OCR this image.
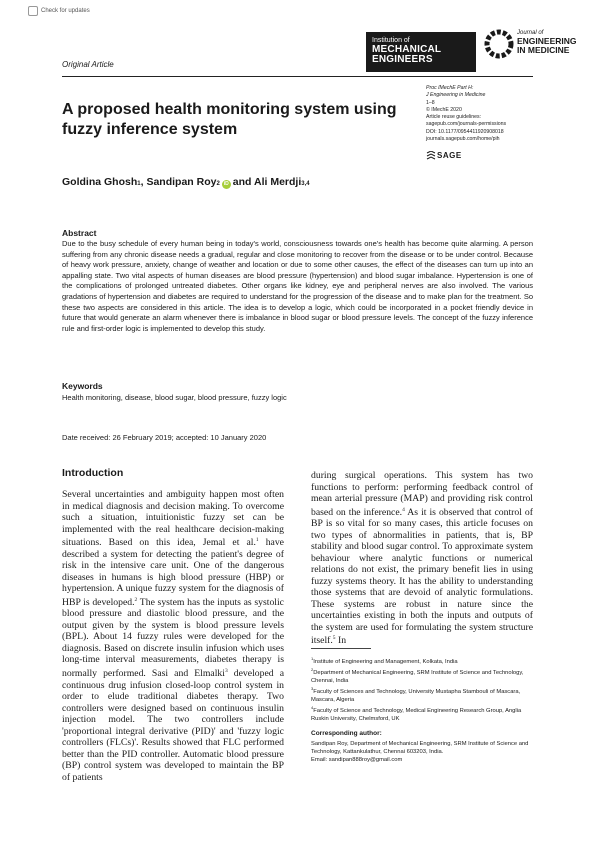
Check for updates
Institution of
MECHANICAL
ENGINEERS
Journal of
ENGINEERING
IN MEDICINE
Original Article
A proposed health monitoring system using fuzzy inference system
Proc IMechE Part H:
J Engineering in Medicine
1–8
© IMechE 2020
Article reuse guidelines:
sagepub.com/journals-permissions
DOI: 10.1177/0954411920908018
journals.sagepub.com/home/pih
SAGE
Goldina Ghosh 1 , Sandipan Roy 2 iD and Ali Merdji 3,4
Abstract
Due to the busy schedule of every human being in today's world, consciousness towards one's health has become quite alarming. A person suffering from any chronic disease needs a gradual, regular and close monitoring to recover from the disease or to be under control. Because of heavy work pressure, anxiety, change of weather and location or due to some other causes, the effect of the diseases can turn up into an appalling state. Two vital aspects of human diseases are blood pressure (hypertension) and blood sugar imbalance. Hypertension is one of the complications of prolonged untreated diabetes. Other organs like kidney, eye and peripheral nerves are also involved. The various gradations of hypertension and diabetes are required to understand for the progression of the disease and to make plan for the treatment. So these two aspects are considered in this article. The idea is to develop a logic, which could be incorporated in a pocket friendly device in future that would generate an alarm whenever there is imbalance in blood sugar or blood pressure levels. The concept of the fuzzy inference rule and first-order logic is implemented to develop this study.
Keywords
Health monitoring, disease, blood sugar, blood pressure, fuzzy logic
Date received: 26 February 2019; accepted: 10 January 2020
Introduction
Several uncertainties and ambiguity happen most often in medical diagnosis and decision making. To overcome such a situation, intuitionistic fuzzy set can be implemented with the real healthcare decision-making situations. Based on this idea, Jemal et al.$^1$ have described a system for detecting the patient's degree of risk in the intensive care unit. One of the dangerous diseases in humans is high blood pressure (HBP) or hypertension. A unique fuzzy system for the diagnosis of HBP is developed.$^2$ The system has the inputs as systolic blood pressure and diastolic blood pressure, and the output given by the system is blood pressure levels (BPL). About 14 fuzzy rules were developed for the diagnosis. Based on discrete insulin infusion which uses long-time interval measurements, diabetes therapy is normally performed. Sasi and Elmalki$^3$ developed a continuous drug infusion closed-loop control system in order to elude traditional diabetes therapy. Two controllers were designed based on continuous insulin injection model. The two controllers include 'proportional integral derivative (PID)' and 'fuzzy logic controllers (FLCs)'. Results showed that FLC performed better than the PID controller. Automatic blood pressure (BP) control system was developed to maintain the BP of patients
during surgical operations. This system has two functions to perform: performing feedback control of mean arterial pressure (MAP) and providing risk control based on the inference.$^4$ As it is observed that control of BP is so vital for so many cases, this article focuses on two types of abnormalities in patients, that is, BP stability and blood sugar control. To approximate system behaviour where analytic functions or numerical relations do not exist, the primary benefit lies in using fuzzy systems theory. It has the ability to understanding those systems that are devoid of analytic formulations. These systems are robust in nature since the uncertainties existing in both the inputs and outputs of the system are used for formulating the system structure itself.$^5$ In
$^1$Institute of Engineering and Management, Kolkata, India
$^2$Department of Mechanical Engineering, SRM Institute of Science and Technology, Chennai, India
$^3$Faculty of Sciences and Technology, University Mustapha Stambouli of Mascara, Mascara, Algeria
$^4$Faculty of Science and Technology, Medical Engineering Research Group, Anglia Ruskin University, Chelmsford, UK
Corresponding author:
Sandipan Roy, Department of Mechanical Engineering, SRM Institute of Science and Technology, Kattankulathur, Chennai 603203, India.
Email: sandipan888roy@gmail.com
